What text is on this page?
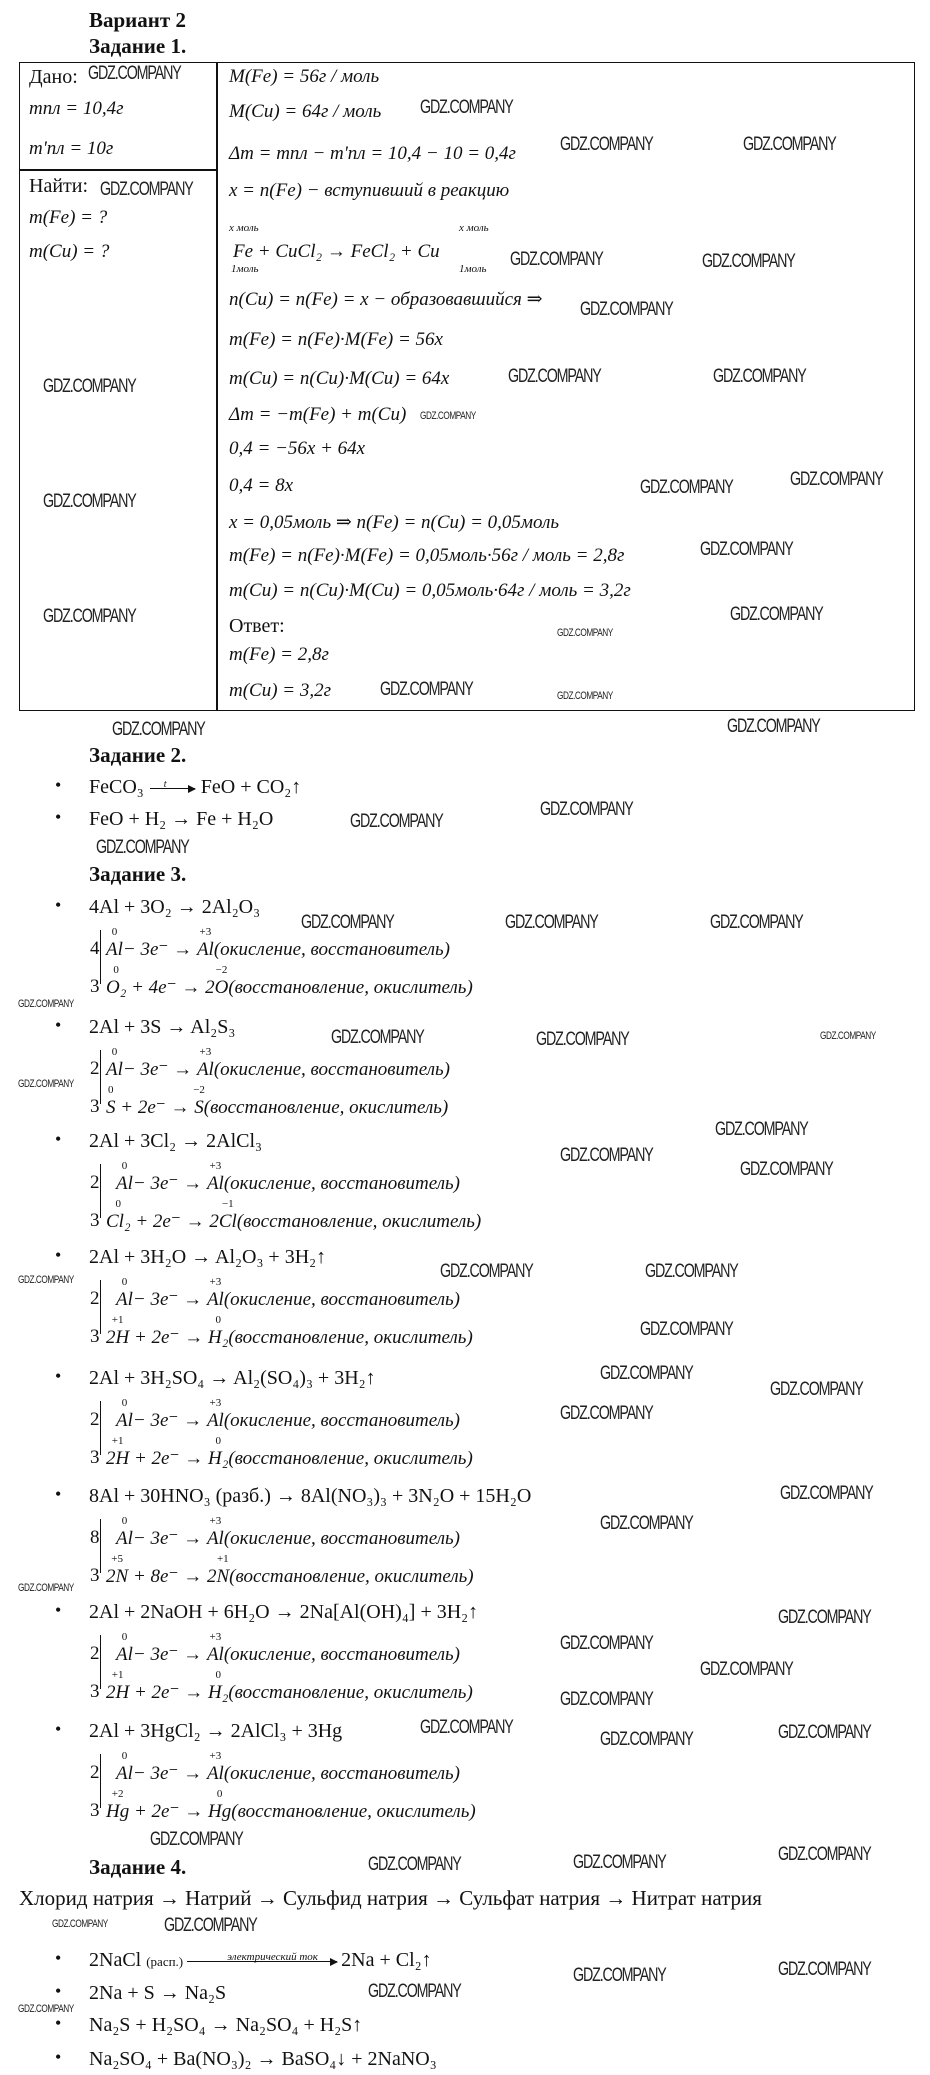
Вариант 2
Задание 1.
Дано:
mпл = 10,4г
m'пл = 10г
Найти:
m(Fe) = ?
m(Cu) = ?
M(Fe) = 56г / моль
M(Cu) = 64г / моль
Δm = mпл − m'пл = 10,4 − 10 = 0,4г
x = n(Fe) − вступивший в реакцию
x моль	x моль
Fe + CuCl₂ → FeCl₂ + Cu
1моль	1моль
n(Cu) = n(Fe) = x − образовавшийся ⇒
m(Fe) = n(Fe)·M(Fe) = 56x
m(Cu) = n(Cu)·M(Cu) = 64x
Δm = −m(Fe) + m(Cu)
0,4 = −56x + 64x
0,4 = 8x
x = 0,05моль ⇒ n(Fe) = n(Cu) = 0,05моль
m(Fe) = n(Fe)·M(Fe) = 0,05моль·56г / моль = 2,8г
m(Cu) = n(Cu)·M(Cu) = 0,05моль·64г / моль = 3,2г
Ответ:
m(Fe) = 2,8г
m(Cu) = 3,2г
Задание 2.
• FeCO₃ t FeO + CO₂↑
• FeO + H₂ → Fe + H₂O
Задание 3.
• 4Al + 3O₂ → 2Al₂O₃
4
3
0
Al− 3e⁻ →
+3
Al(окисление, восстановитель)
0
O₂ + 4e⁻ → 2
−2
O(восстановление, окислитель)
• 2Al + 3S → Al₂S₃
2
3
0
Al− 3e⁻ →
+3
Al(окисление, восстановитель)
0
S + 2e⁻ →
−2
S(восстановление, окислитель)
• 2Al + 3Cl₂ → 2AlCl₃
2
3
0
Al− 3e⁻ →
+3
Al(окисление, восстановитель)
0
Cl₂ + 2e⁻ → 2
−1
Cl(восстановление, окислитель)
• 2Al + 3H₂O → Al₂O₃ + 3H₂↑
2
3
0
Al− 3e⁻ →
+3
Al(окисление, восстановитель)
+1
2H + 2e⁻ →
0
H₂(восстановление, окислитель)
• 2Al + 3H₂SO₄ → Al₂(SO₄)₃ + 3H₂↑
2
3
0
Al− 3e⁻ →
+3
Al(окисление, восстановитель)
+1
2H + 2e⁻ →
0
H₂(восстановление, окислитель)
• 8Al + 30HNO₃ (разб.) → 8Al(NO₃)₃ + 3N₂O + 15H₂O
8
3
0
Al− 3e⁻ →
+3
Al(окисление, восстановитель)
+5
2N + 8e⁻ → 2
+1
N(восстановление, окислитель)
• 2Al + 2NaOH + 6H₂O → 2Na[Al(OH)₄] + 3H₂↑
2
3
0
Al− 3e⁻ →
+3
Al(окисление, восстановитель)
+1
2H + 2e⁻ →
0
H₂(восстановление, окислитель)
• 2Al + 3HgCl₂ → 2AlCl₃ + 3Hg
2
3
0
Al− 3e⁻ →
+3
Al(окисление, восстановитель)
+2
Hg + 2e⁻ →
0
Hg(восстановление, окислитель)
Задание 4.
Хлорид натрия → Натрий → Сульфид натрия → Сульфат натрия → Нитрат натрия
• 2NaCl (расп.)	электрический ток 2Na + Cl₂↑
• 2Na + S → Na₂S
• Na₂S + H₂SO₄ → Na₂SO₄ + H₂S↑
• Na₂SO₄ + Ba(NO₃)₂ → BaSO₄↓ + 2NaNO₃
GDZ.COMPANY
GDZ.COMPANY
GDZ.COMPANY
GDZ.COMPANY	GDZ.COMPANY
GDZ.COMPANY	GDZ.COMPANY
GDZ.COMPANY
GDZ.COMPANY	GDZ.COMPANY	GDZ.COMPANY
GDZ.COMPANY
GDZ.COMPANY
GDZ.COMPANY	GDZ.COMPANY
GDZ.COMPANY
GDZ.COMPANY	GDZ.COMPANY
GDZ.COMPANY
GDZ.COMPANY	GDZ.COMPANY
GDZ.COMPANY	GDZ.COMPANY
GDZ.COMPANY
GDZ.COMPANY
GDZ.COMPANY
GDZ.COMPANY	GDZ.COMPANY	GDZ.COMPANY
GDZ.COMPANY
GDZ.COMPANY	GDZ.COMPANY	GDZ.COMPANY
GDZ.COMPANY
GDZ.COMPANY
GDZ.COMPANY
GDZ.COMPANY
GDZ.COMPANY	GDZ.COMPANY	GDZ.COMPANY
GDZ.COMPANY
GDZ.COMPANY
GDZ.COMPANY
GDZ.COMPANY
GDZ.COMPANY
GDZ.COMPANY
GDZ.COMPANY
GDZ.COMPANY
GDZ.COMPANY
GDZ.COMPANY
GDZ.COMPANY
GDZ.COMPANY
GDZ.COMPANY	GDZ.COMPANY
GDZ.COMPANY
GDZ.COMPANY	GDZ.COMPANY	GDZ.COMPANY
GDZ.COMPANY	GDZ.COMPANY
GDZ.COMPANY
GDZ.COMPANY	GDZ.COMPANY
GDZ.COMPANY
